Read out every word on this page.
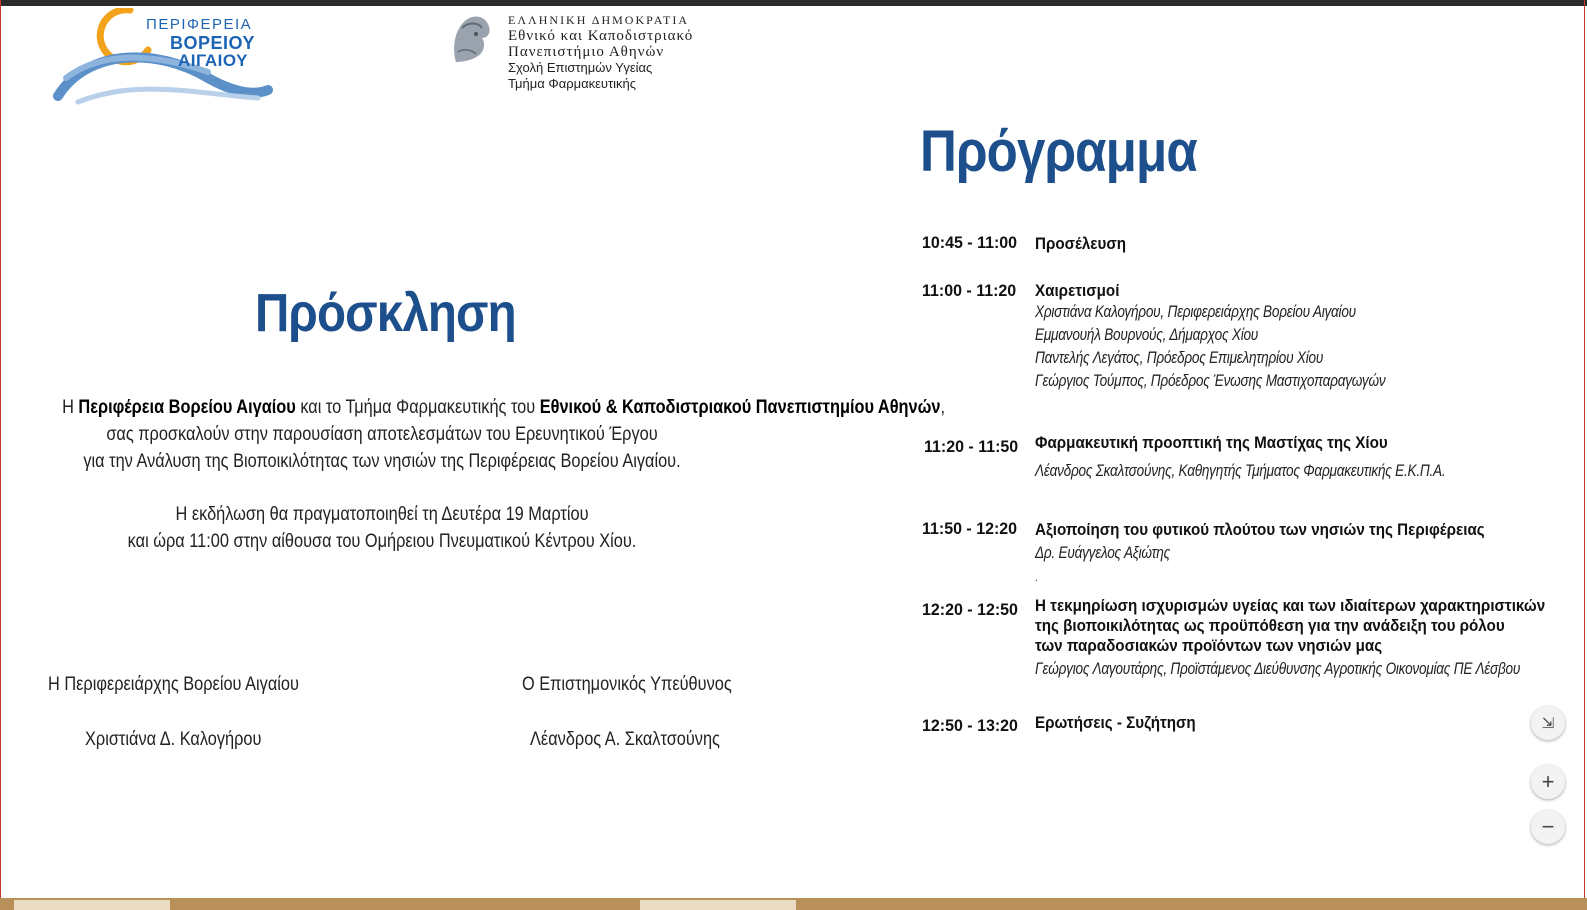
ΠΕΡΙΦΕΡΕΙΑ
ΒΟΡΕΙΟΥ
ΑΙΓΑΙΟΥ
ΕΛΛΗΝΙΚΗ ΔΗΜΟΚΡΑΤΙΑ
Εθνικό και Καποδιστριακό
Πανεπιστήμιο Αθηνών
Σχολή Επιστημών Υγείας
Τμήμα Φαρμακευτικής
Πρόσκληση
Η Περιφέρεια Βορείου Αιγαίου και το Τμήμα Φαρμακευτικής του Εθνικού & Καποδιστριακού Πανεπιστημίου Αθηνών,
σας προσκαλούν στην παρουσίαση αποτελεσμάτων του Ερευνητικού Έργου
για την Ανάλυση της Βιοποικιλότητας των νησιών της Περιφέρειας Βορείου Αιγαίου.
Η εκδήλωση θα πραγματοποιηθεί τη Δευτέρα 19 Μαρτίου
και ώρα 11:00 στην αίθουσα του Ομήρειου Πνευματικού Κέντρου Χίου.
Η Περιφερειάρχης Βορείου Αιγαίου
Χριστιάνα Δ. Καλογήρου
Ο Επιστημονικός Υπεύθυνος
Λέανδρος Α. Σκαλτσούνης
Πρόγραμμα
10:45 - 11:00 Προσέλευση
11:00 - 11:20 Χαιρετισμοί
Χριστιάνα Καλογήρου, Περιφερειάρχης Βορείου Αιγαίου
Εμμανουήλ Βουρνούς, Δήμαρχος Χίου
Παντελής Λεγάτος, Πρόεδρος Επιμελητηρίου Χίου
Γεώργιος Τούμπος, Πρόεδρος Ένωσης Μαστιχοπαραγωγών
11:20 - 11:50 Φαρμακευτική προοπτική της Μαστίχας της Χίου
Λέανδρος Σκαλτσούνης, Καθηγητής Τμήματος Φαρμακευτικής Ε.Κ.Π.Α.
11:50 - 12:20 Αξιοποίηση του φυτικού πλούτου των νησιών της Περιφέρειας
Δρ. Ευάγγελος Αξιώτης
.
12:20 - 12:50 Η τεκμηρίωση ισχυρισμών υγείας και των ιδιαίτερων χαρακτηριστικών
της βιοποικιλότητας ως προϋπόθεση για την ανάδειξη του ρόλου
των παραδοσιακών προϊόντων των νησιών μας
Γεώργιος Λαγουτάρης, Προϊστάμενος Διεύθυνσης Αγροτικής Οικονομίας ΠΕ Λέσβου
12:50 - 13:20 Ερωτήσεις - Συζήτηση	⇲
+
−
